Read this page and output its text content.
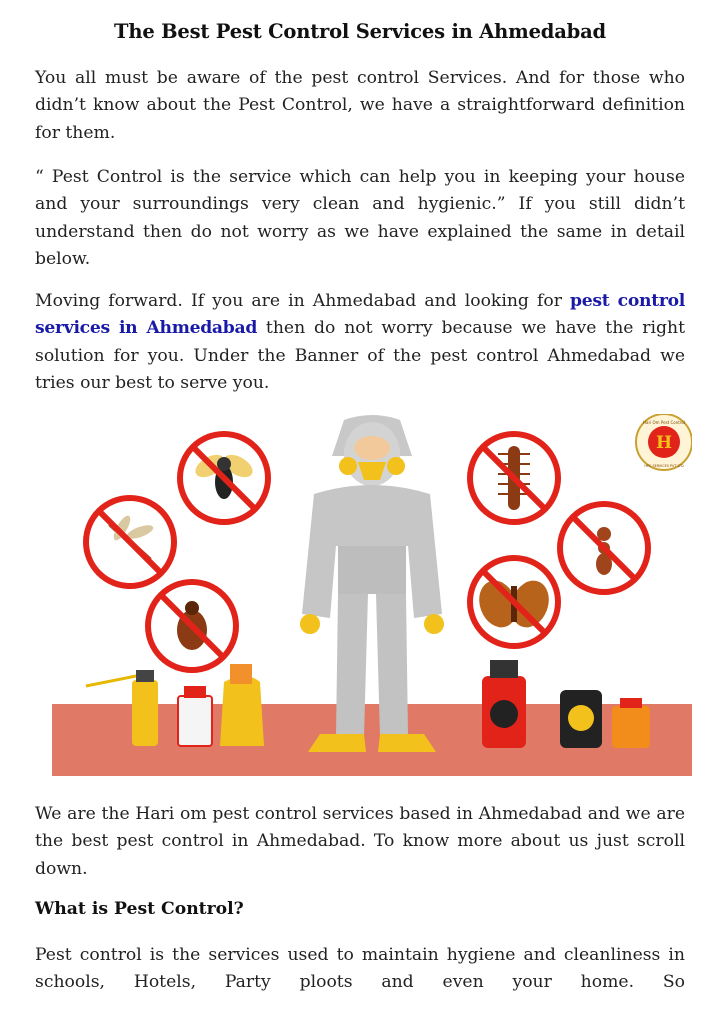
The Best Pest Control Services in Ahmedabad

You all must be aware of the pest control Services. And for those who didn’t know about the Pest Control, we have a straightforward definition for them.

“ Pest Control is the service which can help you in keeping your house and your surroundings very clean and hygienic.” If you still didn’t understand then do not worry as we have explained the same in detail below.

Moving forward. If you are in Ahmedabad and looking for pest control services in Ahmedabad then do not worry because we have the right solution for you. Under the Banner of the pest control Ahmedabad we tries our best to serve you.

H
Hari Om Pest Control
HPC SERVICES PVT LTD

We are the Hari om pest control services based in Ahmedabad and we are the best pest control in Ahmedabad. To know more about us just scroll down.

What is Pest Control?

Pest control is the services used to maintain hygiene and cleanliness in schools, Hotels, Party ploots and even your home. So
